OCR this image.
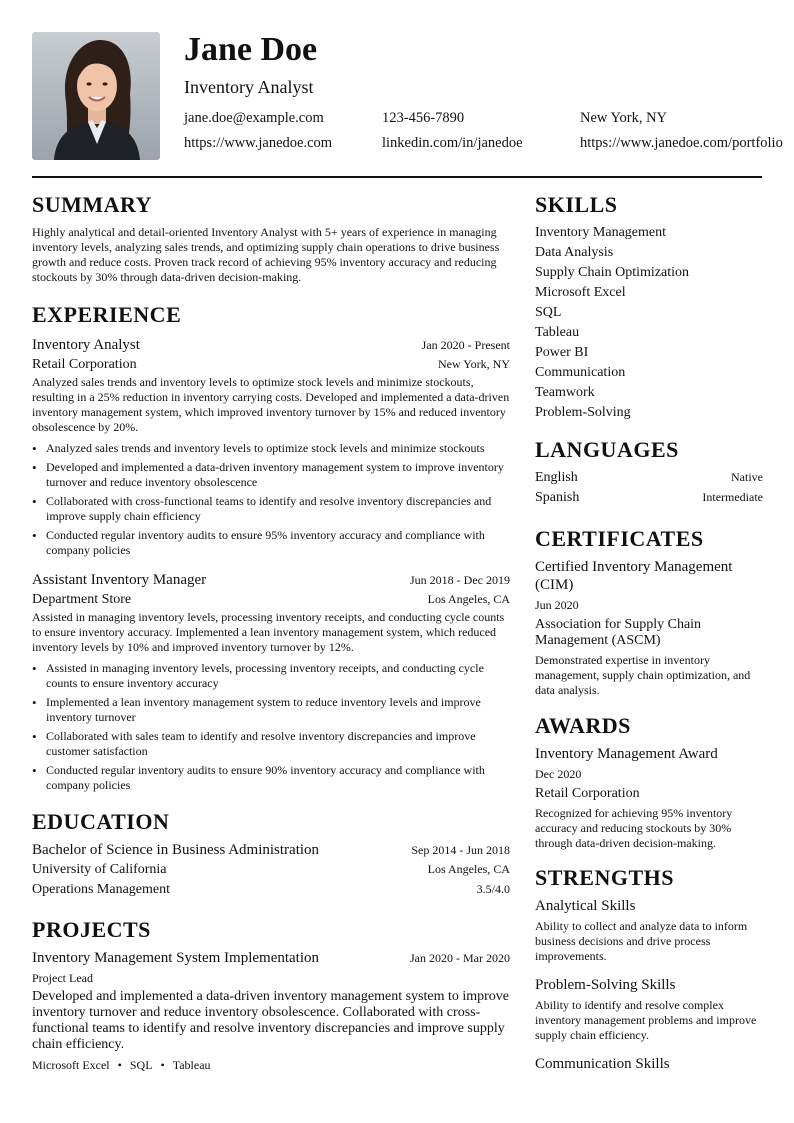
Jane Doe
Inventory Analyst
jane.doe@example.com	123-456-7890	New York, NY
https://www.janedoe.com	linkedin.com/in/janedoe	https://www.janedoe.com/portfolio
SUMMARY
Highly analytical and detail-oriented Inventory Analyst with 5+ years of experience in managing inventory levels, analyzing sales trends, and optimizing supply chain operations to drive business growth and reduce costs. Proven track record of achieving 95% inventory accuracy and reducing stockouts by 30% through data-driven decision-making.
EXPERIENCE
Inventory Analyst	Jan 2020 - Present
Retail Corporation	New York, NY
Analyzed sales trends and inventory levels to optimize stock levels and minimize stockouts, resulting in a 25% reduction in inventory carrying costs. Developed and implemented a data-driven inventory management system, which improved inventory turnover by 15% and reduced inventory obsolescence by 20%.
• Analyzed sales trends and inventory levels to optimize stock levels and minimize stockouts
• Developed and implemented a data-driven inventory management system to improve inventory turnover and reduce inventory obsolescence
• Collaborated with cross-functional teams to identify and resolve inventory discrepancies and improve supply chain efficiency
• Conducted regular inventory audits to ensure 95% inventory accuracy and compliance with company policies
Assistant Inventory Manager	Jun 2018 - Dec 2019
Department Store	Los Angeles, CA
Assisted in managing inventory levels, processing inventory receipts, and conducting cycle counts to ensure inventory accuracy. Implemented a lean inventory management system, which reduced inventory levels by 10% and improved inventory turnover by 12%.
• Assisted in managing inventory levels, processing inventory receipts, and conducting cycle counts to ensure inventory accuracy
• Implemented a lean inventory management system to reduce inventory levels and improve inventory turnover
• Collaborated with sales team to identify and resolve inventory discrepancies and improve customer satisfaction
• Conducted regular inventory audits to ensure 90% inventory accuracy and compliance with company policies
EDUCATION
Bachelor of Science in Business Administration	Sep 2014 - Jun 2018
University of California	Los Angeles, CA
Operations Management	3.5/4.0
PROJECTS
Inventory Management System Implementation	Jan 2020 - Mar 2020
Project Lead
Developed and implemented a data-driven inventory management system to improve inventory turnover and reduce inventory obsolescence. Collaborated with cross-functional teams to identify and resolve inventory discrepancies and improve supply chain efficiency.
Microsoft Excel • SQL • Tableau
SKILLS
Inventory Management
Data Analysis
Supply Chain Optimization
Microsoft Excel
SQL
Tableau
Power BI
Communication
Teamwork
Problem-Solving
LANGUAGES
English	Native
Spanish	Intermediate
CERTIFICATES
Certified Inventory Management (CIM)
Jun 2020
Association for Supply Chain Management (ASCM)
Demonstrated expertise in inventory management, supply chain optimization, and data analysis.
AWARDS
Inventory Management Award
Dec 2020
Retail Corporation
Recognized for achieving 95% inventory accuracy and reducing stockouts by 30% through data-driven decision-making.
STRENGTHS
Analytical Skills
Ability to collect and analyze data to inform business decisions and drive process improvements.
Problem-Solving Skills
Ability to identify and resolve complex inventory management problems and improve supply chain efficiency.
Communication Skills
